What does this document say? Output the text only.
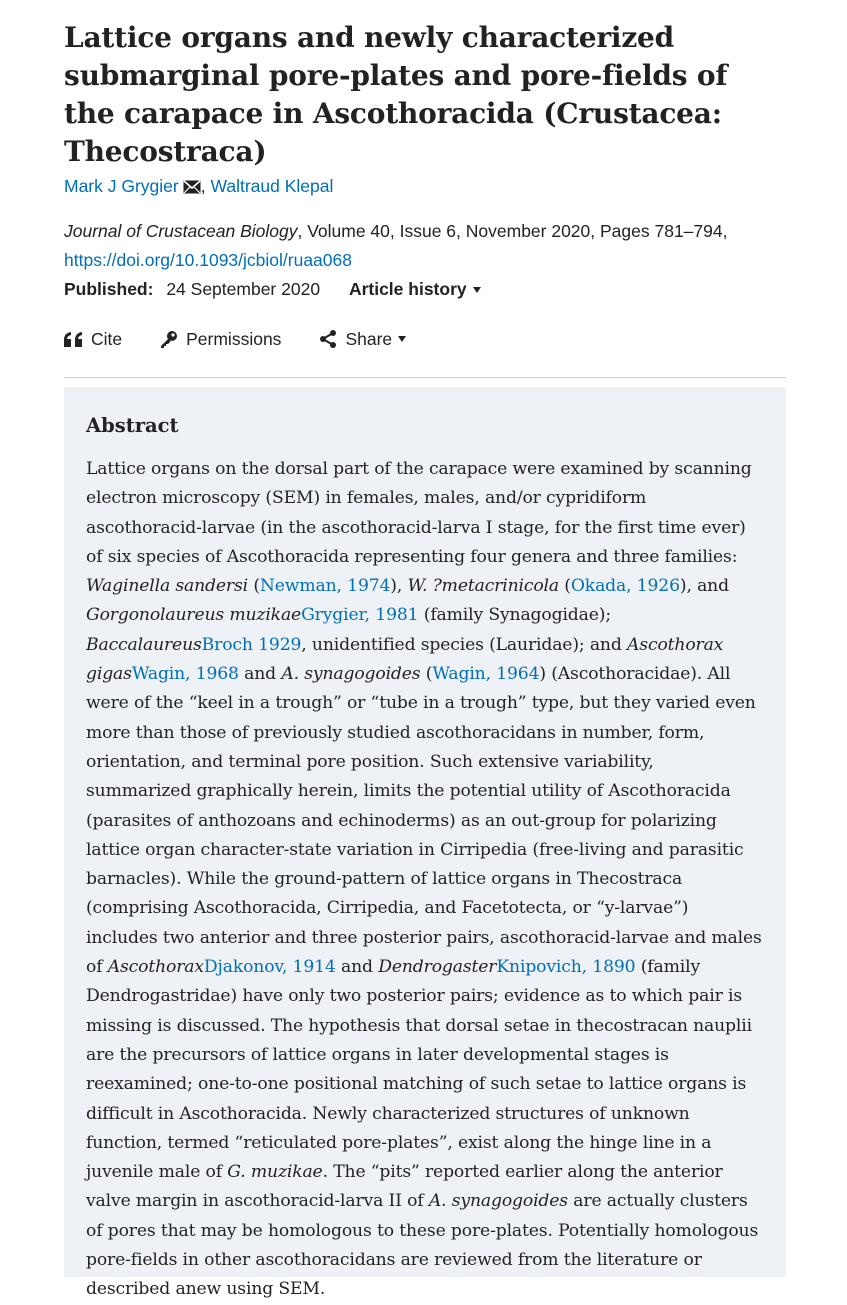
Lattice organs and newly characterized submarginal pore-plates and pore-fields of the carapace in Ascothoracida (Crustacea: Thecostraca)
Mark J Grygier , Waltraud Klepal
Journal of Crustacean Biology, Volume 40, Issue 6, November 2020, Pages 781–794,
https://doi.org/10.1093/jcbiol/ruaa068
Published: 24 September 2020 Article history
Cite	Permissions	Share
Abstract

Lattice organs on the dorsal part of the carapace were examined by scanning electron microscopy (SEM) in females, males, and/or cypridiform ascothoracid-larvae (in the ascothoracid-larva I stage, for the first time ever) of six species of Ascothoracida representing four genera and three families: Waginella sandersi (Newman, 1974), W. ?metacrinicola (Okada, 1926), and Gorgonolaureus muzikaeGrygier, 1981 (family Synagogidae); BaccalaureusBroch 1929, unidentified species (Lauridae); and Ascothorax gigasWagin, 1968 and A. synagogoides (Wagin, 1964) (Ascothoracidae). All were of the “keel in a trough” or “tube in a trough” type, but they varied even more than those of previously studied ascothoracidans in number, form, orientation, and terminal pore position. Such extensive variability, summarized graphically herein, limits the potential utility of Ascothoracida (parasites of anthozoans and echinoderms) as an out-group for polarizing lattice organ character-state variation in Cirripedia (free-living and parasitic barnacles). While the ground-pattern of lattice organs in Thecostraca (comprising Ascothoracida, Cirripedia, and Facetotecta, or “y-larvae”) includes two anterior and three posterior pairs, ascothoracid-larvae and males of AscothoraxDjakonov, 1914 and DendrogasterKnipovich, 1890 (family Dendrogastridae) have only two posterior pairs; evidence as to which pair is missing is discussed. The hypothesis that dorsal setae in thecostracan nauplii are the precursors of lattice organs in later developmental stages is reexamined; one-to-one positional matching of such setae to lattice organs is difficult in Ascothoracida. Newly characterized structures of unknown function, termed “reticulated pore-plates”, exist along the hinge line in a juvenile male of G. muzikae. The “pits” reported earlier along the anterior valve margin in ascothoracid-larva II of A. synagogoides are actually clusters of pores that may be homologous to these pore-plates. Potentially homologous pore-fields in other ascothoracidans are reviewed from the literature or described anew using SEM.
